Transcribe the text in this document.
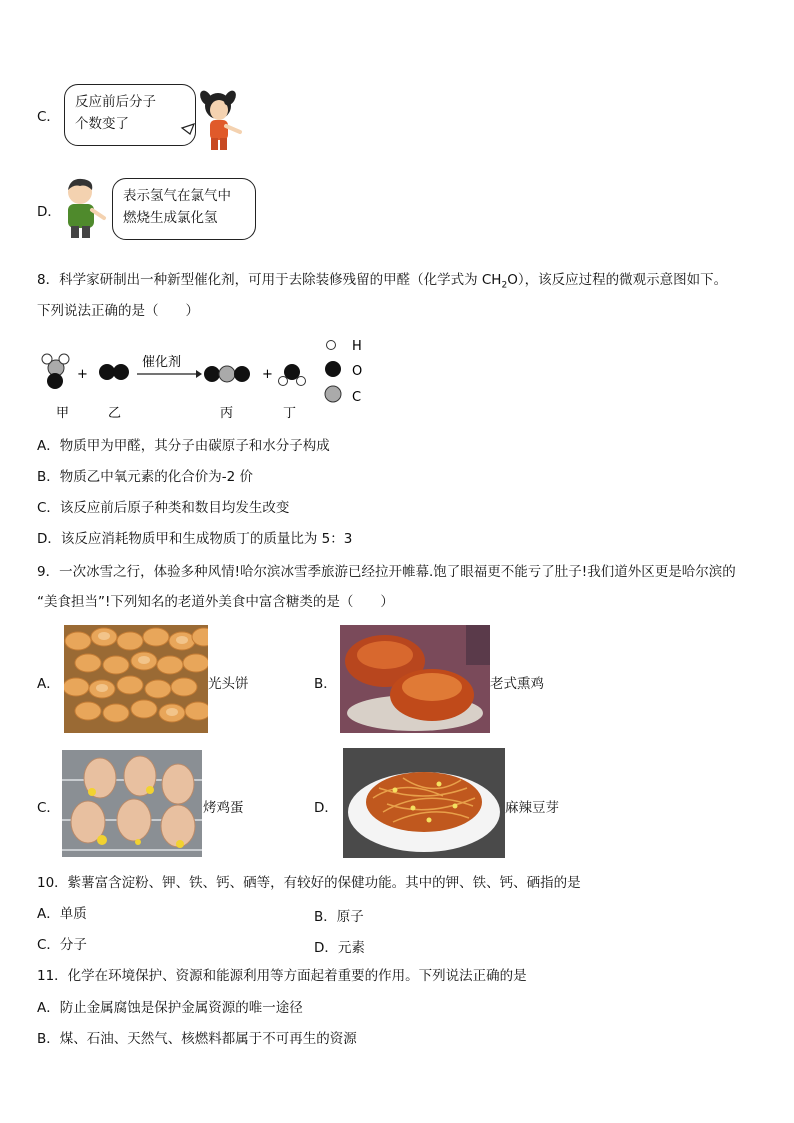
C．
反应前后分子
个数变了
D．
表示氢气在氯气中
燃烧生成氯化氢
8．科学家研制出一种新型催化剂，可用于去除装修残留的甲醛（化学式为 $CH_2O$），该反应过程的微观示意图如下。
下列说法正确的是（　　）
+
催化剂
+
甲	乙	丙	丁
H
O
C
A．物质甲为甲醛，其分子由碳原子和水分子构成
B．物质乙中氧元素的化合价为-2 价
C．该反应前后原子种类和数目均发生改变
D．该反应消耗物质甲和生成物质丁的质量比为 5：3
9．一次冰雪之行，体验多种风情!哈尔滨冰雪季旅游已经拉开帷幕.饱了眼福更不能亏了肚子!我们道外区更是哈尔滨的
“美食担当”!下列知名的老道外美食中富含糖类的是（　　）
A．	光头饼	B．	老式熏鸡
C．	烤鸡蛋	D．	麻辣豆芽
10．紫薯富含淀粉、钾、铁、钙、硒等，有较好的保健功能。其中的钾、铁、钙、硒指的是
A．单质	B．原子
C．分子	D．元素
11．化学在环境保护、资源和能源利用等方面起着重要的作用。下列说法正确的是
A．防止金属腐蚀是保护金属资源的唯一途径
B．煤、石油、天然气、核燃料都属于不可再生的资源
